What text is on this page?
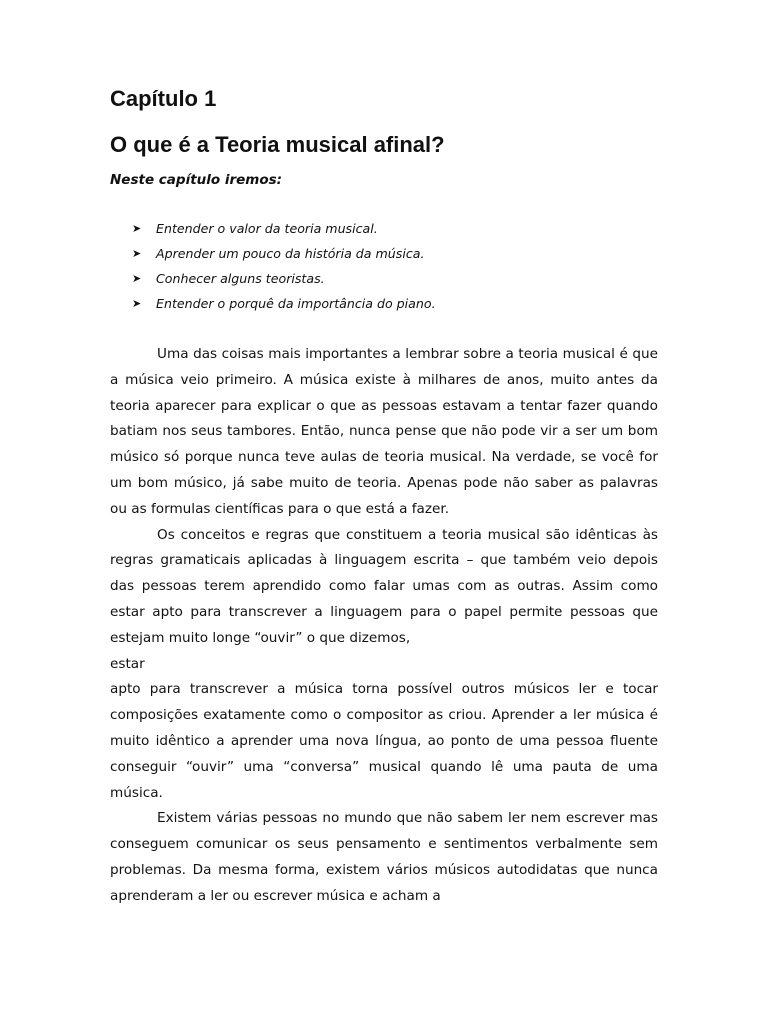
Capítulo 1
O que é a Teoria musical afinal?
Neste capítulo iremos:
➤	Entender o valor da teoria musical.
➤	Aprender um pouco da história da música.
➤	Conhecer alguns teoristas.
➤	Entender o porquê da importância do piano.

Uma das coisas mais importantes a lembrar sobre a teoria musical é que a música veio primeiro. A música existe à milhares de anos, muito antes da teoria aparecer para explicar o que as pessoas estavam a tentar fazer quando batiam nos seus tambores. Então, nunca pense que não pode vir a ser um bom músico só porque nunca teve aulas de teoria musical. Na verdade, se você for um bom músico, já sabe muito de teoria. Apenas pode não saber as palavras ou as formulas científicas para o que está a fazer.

Os conceitos e regras que constituem a teoria musical são idênticas às regras gramaticais aplicadas à linguagem escrita – que também veio depois das pessoas terem aprendido como falar umas com as outras. Assim como estar apto para transcrever a linguagem para o papel permite pessoas que estejam muito longe “ouvir” o que dizemos,

estar

apto para transcrever a música torna possível outros músicos ler e tocar composições exatamente como o compositor as criou. Aprender a ler música é muito idêntico a aprender uma nova língua, ao ponto de uma pessoa fluente conseguir “ouvir” uma “conversa” musical quando lê uma pauta de uma música.

Existem várias pessoas no mundo que não sabem ler nem escrever mas conseguem comunicar os seus pensamento e sentimentos verbalmente sem problemas. Da mesma forma, existem vários músicos autodidatas que nunca aprenderam a ler ou escrever música e acham a
